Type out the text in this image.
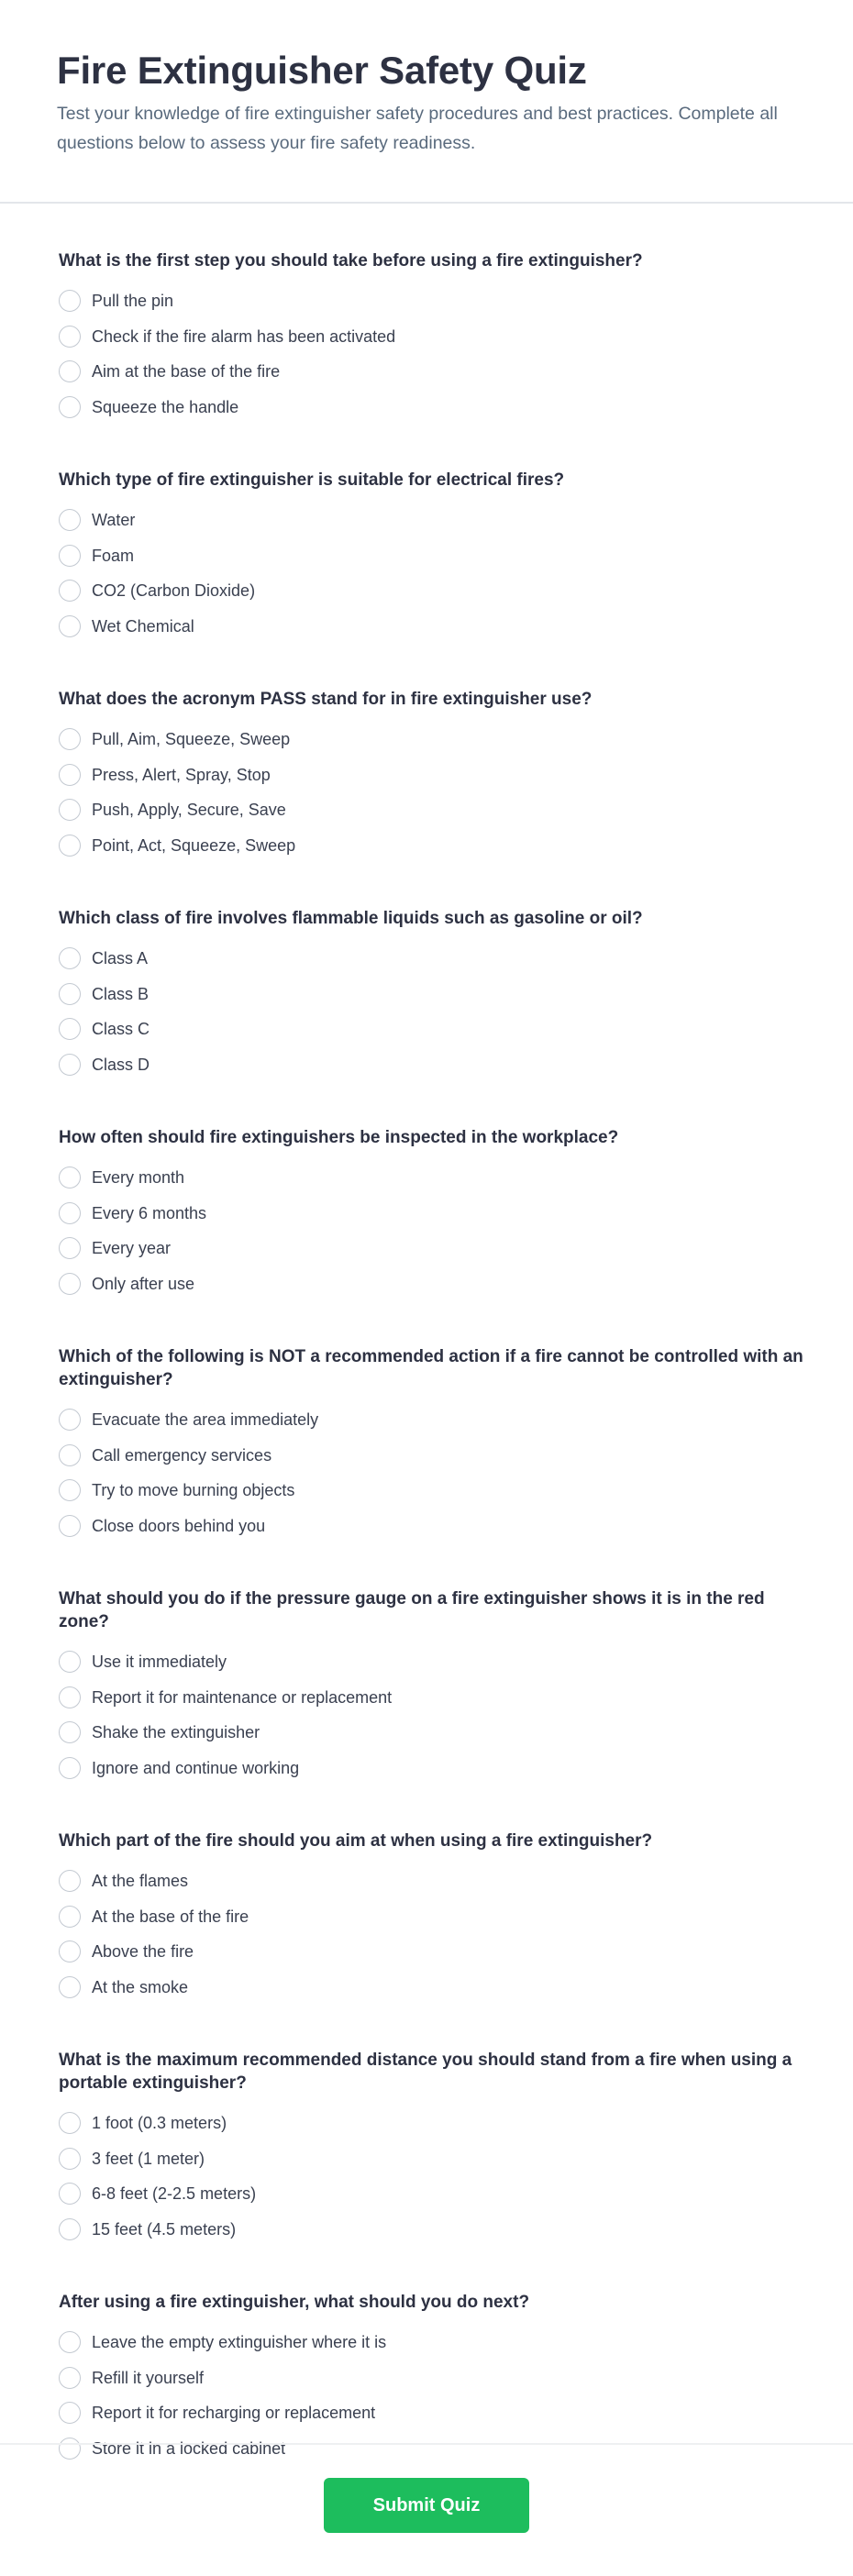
Fire Extinguisher Safety Quiz

Test your knowledge of fire extinguisher safety procedures and best practices. Complete all questions below to assess your fire safety readiness.

What is the first step you should take before using a fire extinguisher?

Pull the pin
Check if the fire alarm has been activated
Aim at the base of the fire
Squeeze the handle

Which type of fire extinguisher is suitable for electrical fires?

Water
Foam
CO2 (Carbon Dioxide)
Wet Chemical

What does the acronym PASS stand for in fire extinguisher use?

Pull, Aim, Squeeze, Sweep
Press, Alert, Spray, Stop
Push, Apply, Secure, Save
Point, Act, Squeeze, Sweep

Which class of fire involves flammable liquids such as gasoline or oil?

Class A
Class B
Class C
Class D

How often should fire extinguishers be inspected in the workplace?

Every month
Every 6 months
Every year
Only after use

Which of the following is NOT a recommended action if a fire cannot be controlled with an extinguisher?

Evacuate the area immediately
Call emergency services
Try to move burning objects
Close doors behind you

What should you do if the pressure gauge on a fire extinguisher shows it is in the red zone?

Use it immediately
Report it for maintenance or replacement
Shake the extinguisher
Ignore and continue working

Which part of the fire should you aim at when using a fire extinguisher?

At the flames
At the base of the fire
Above the fire
At the smoke

What is the maximum recommended distance you should stand from a fire when using a portable extinguisher?

1 foot (0.3 meters)
3 feet (1 meter)
6-8 feet (2-2.5 meters)
15 feet (4.5 meters)

After using a fire extinguisher, what should you do next?

Leave the empty extinguisher where it is
Refill it yourself
Report it for recharging or replacement
Store it in a locked cabinet
Submit Quiz
